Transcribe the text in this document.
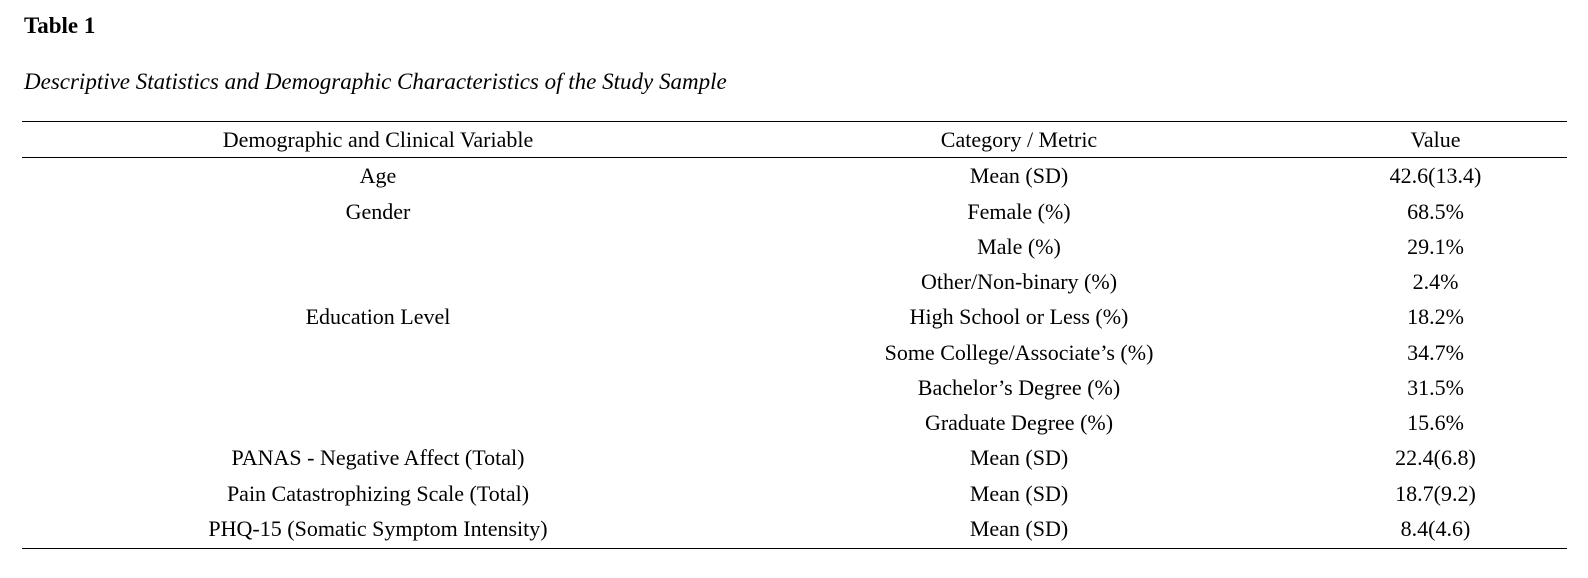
Table 1
Descriptive Statistics and Demographic Characteristics of the Study Sample
Demographic and Clinical Variable	Category / Metric	Value
Age	Mean (SD)	42.6(13.4)
Gender	Female (%)	68.5%
	Male (%)	29.1%
	Other/Non-binary (%)	2.4%
Education Level	High School or Less (%)	18.2%
	Some College/Associate’s (%)	34.7%
	Bachelor’s Degree (%)	31.5%
	Graduate Degree (%)	15.6%
PANAS - Negative Affect (Total)	Mean (SD)	22.4(6.8)
Pain Catastrophizing Scale (Total)	Mean (SD)	18.7(9.2)
PHQ-15 (Somatic Symptom Intensity)	Mean (SD)	8.4(4.6)
